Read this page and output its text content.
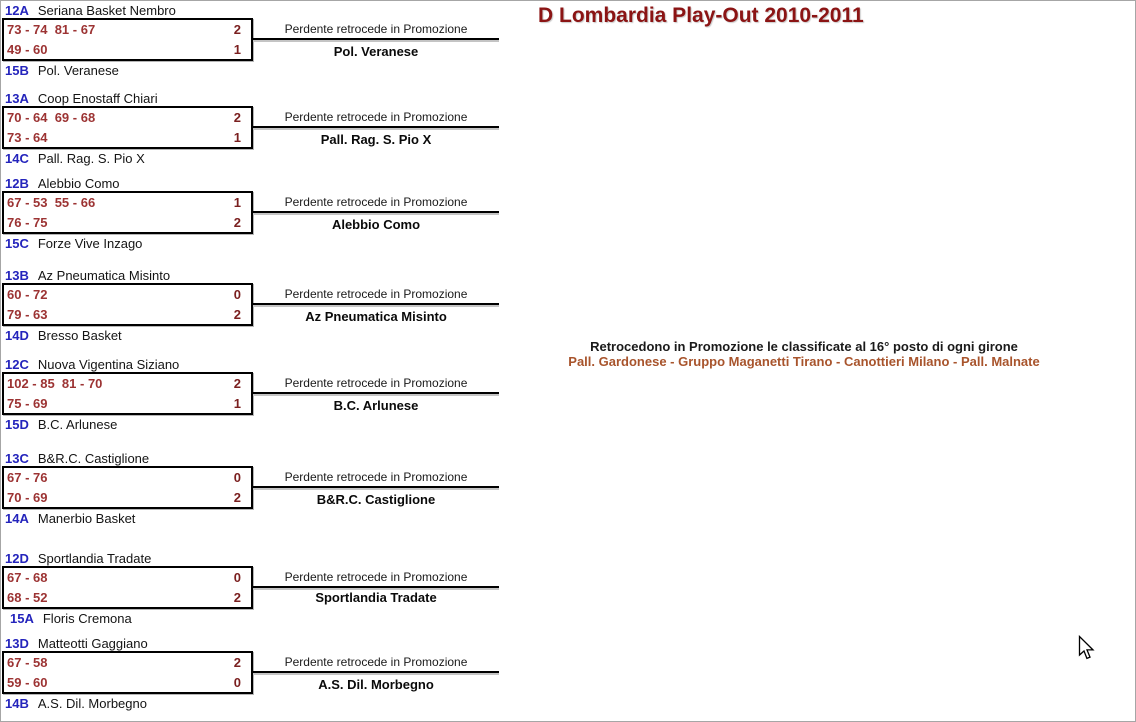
D Lombardia Play-Out 2010-2011
12A Seriana Basket Nembro
73 - 74  81 - 67	2
49 - 60	1
15B Pol. Veranese
Perdente retrocede in Promozione
Pol. Veranese
13A Coop Enostaff Chiari
70 - 64  69 - 68	2
73 - 64	1
14C Pall. Rag. S. Pio X
Perdente retrocede in Promozione
Pall. Rag. S. Pio X
12B Alebbio Como
67 - 53  55 - 66	1
76 - 75	2
15C Forze Vive Inzago
Perdente retrocede in Promozione
Alebbio Como
13B Az Pneumatica Misinto
60 - 72	0
79 - 63	2
14D Bresso Basket
Perdente retrocede in Promozione
Az Pneumatica Misinto
12C Nuova Vigentina Siziano
102 - 85  81 - 70	2
75 - 69	1
15D B.C. Arlunese
Perdente retrocede in Promozione
B.C. Arlunese
13C B&R.C. Castiglione
67 - 76	0
70 - 69	2
14A Manerbio Basket
Perdente retrocede in Promozione
B&R.C. Castiglione
12D Sportlandia Tradate
67 - 68	0
68 - 52	2
15A Floris Cremona
Perdente retrocede in Promozione
Sportlandia Tradate
13D Matteotti Gaggiano
67 - 58	2
59 - 60	0
14B A.S. Dil. Morbegno
Perdente retrocede in Promozione
A.S. Dil. Morbegno
Retrocedono in Promozione le classificate al 16° posto di ogni girone
Pall. Gardonese - Gruppo Maganetti Tirano - Canottieri Milano - Pall. Malnate
